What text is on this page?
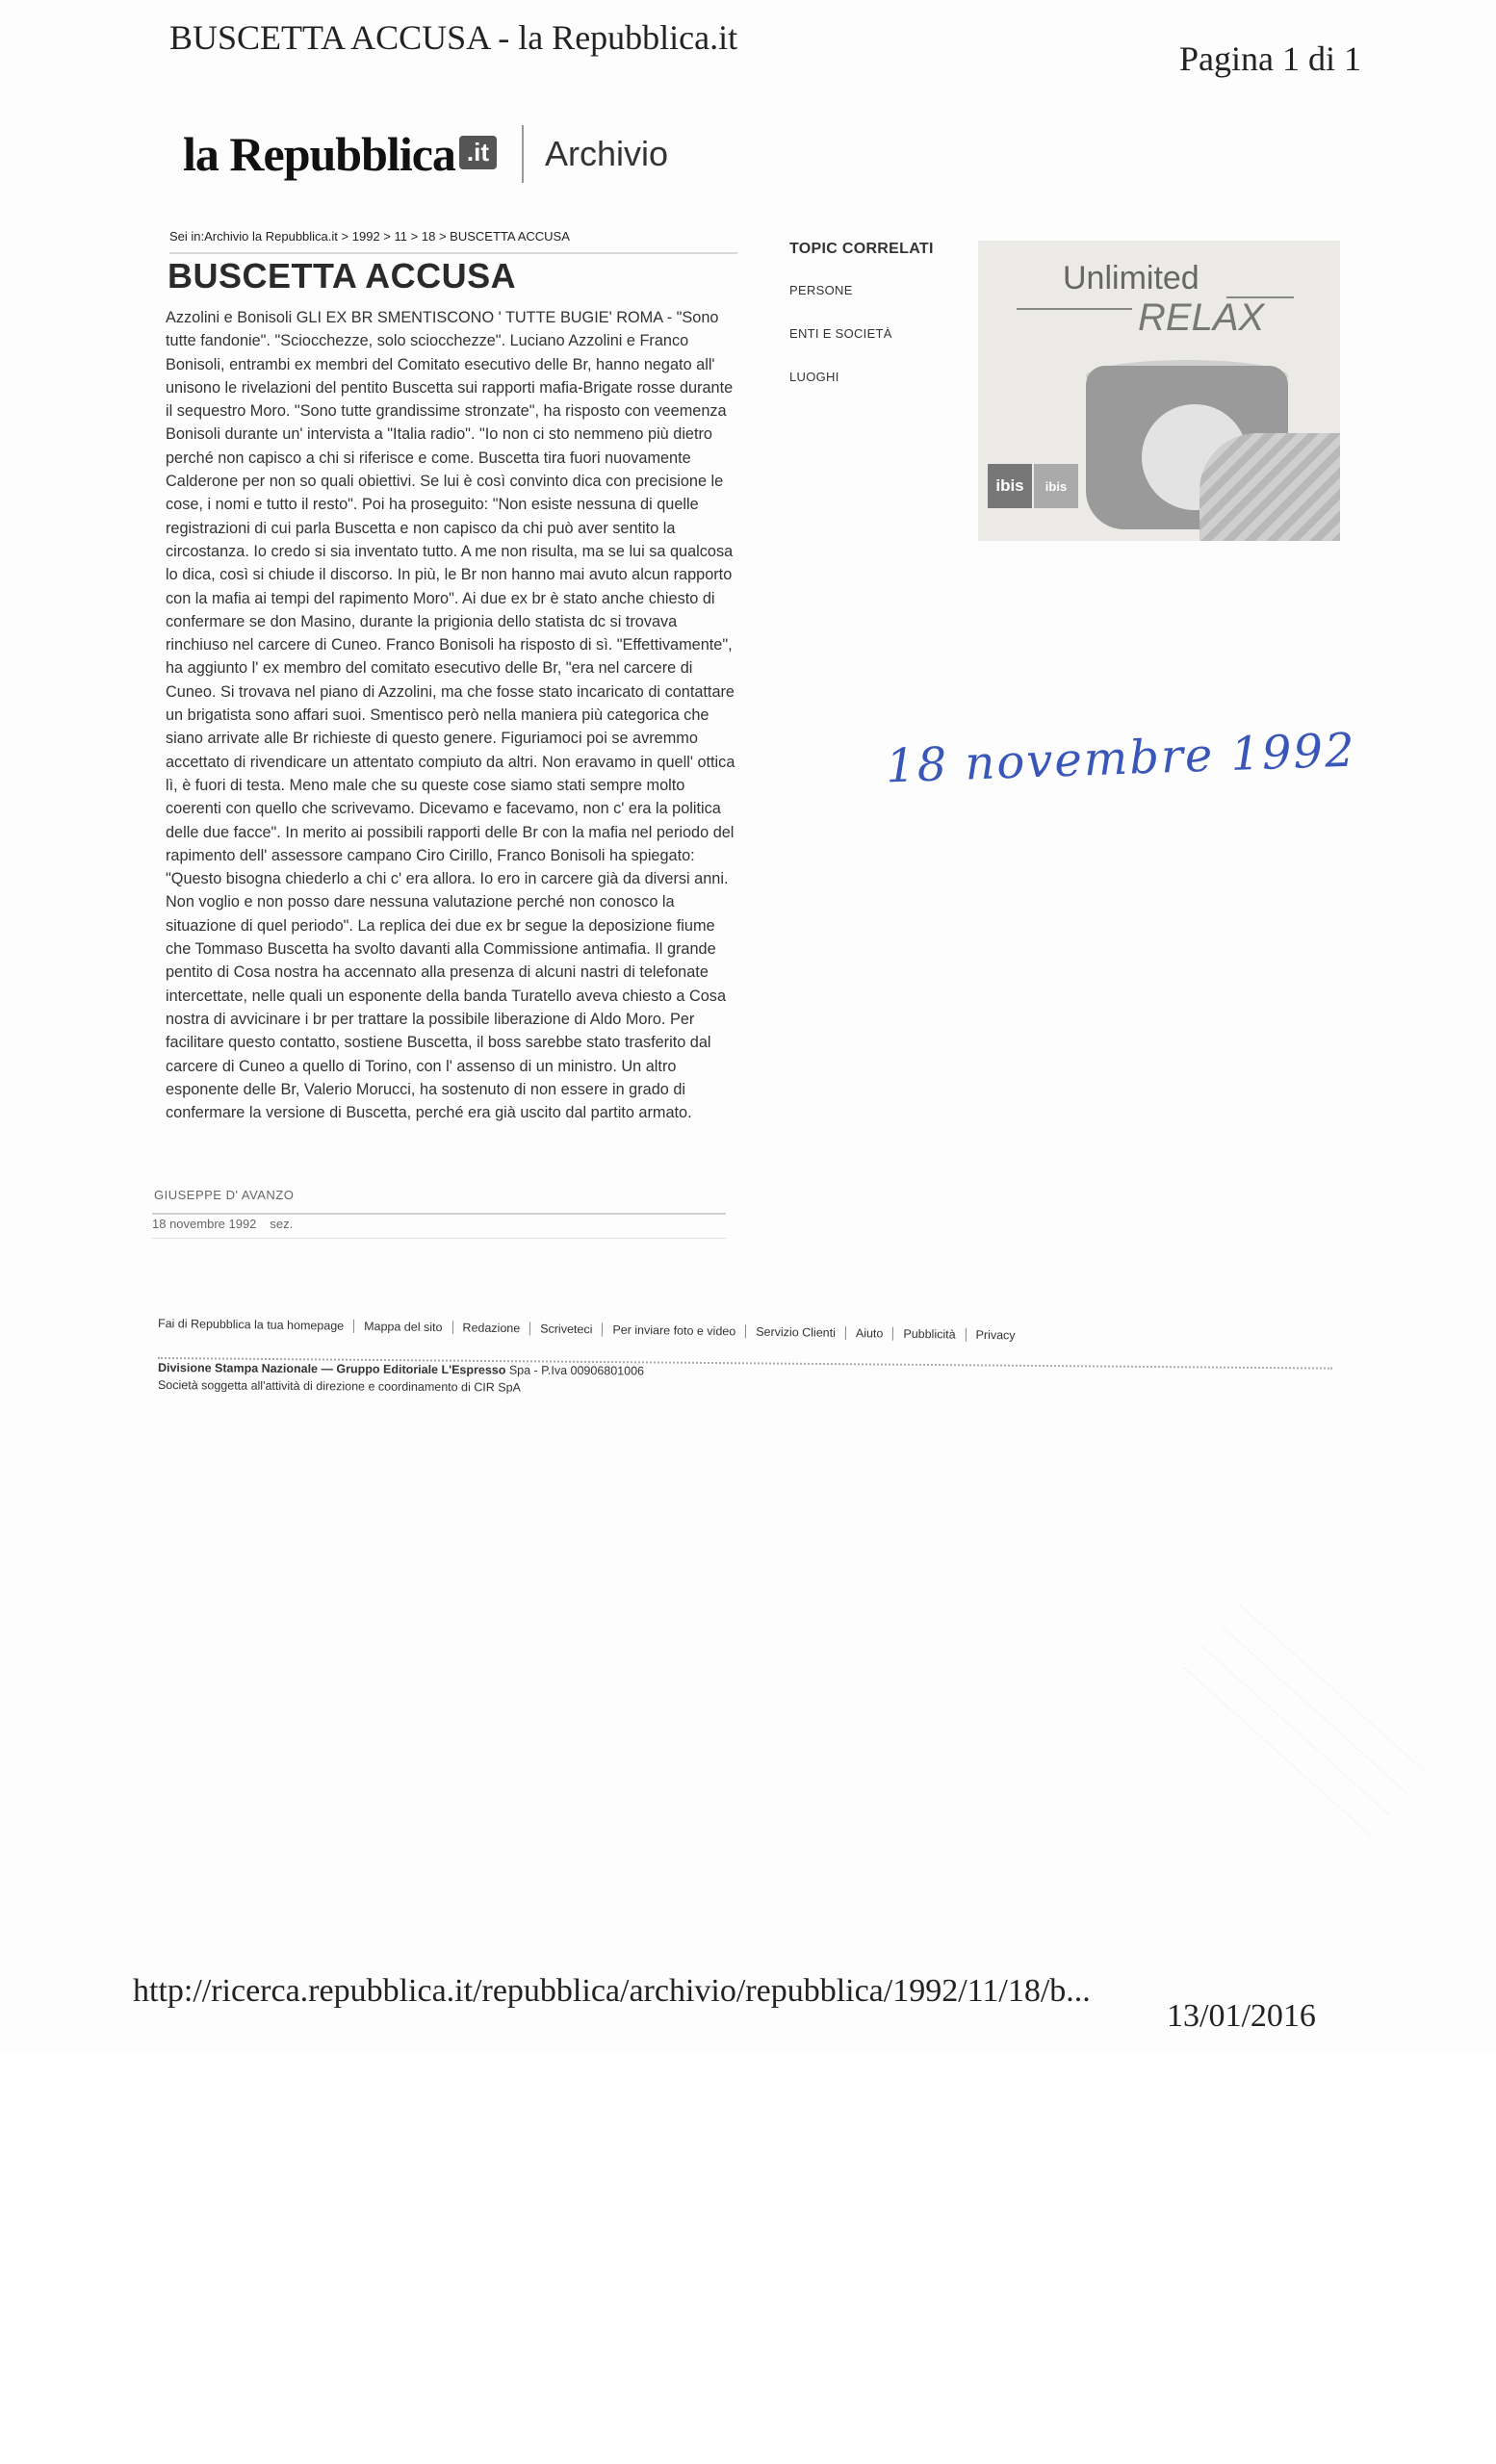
BUSCETTA ACCUSA - la Repubblica.it
Pagina 1 di 1
la Repubblica .it Archivio
Sei in:Archivio la Repubblica.it > 1992 > 11 > 18 > BUSCETTA ACCUSA
BUSCETTA ACCUSA
Azzolini e Bonisoli GLI EX BR SMENTISCONO ' TUTTE BUGIE' ROMA - "Sono tutte fandonie". "Sciocchezze, solo sciocchezze". Luciano Azzolini e Franco Bonisoli, entrambi ex membri del Comitato esecutivo delle Br, hanno negato all' unisono le rivelazioni del pentito Buscetta sui rapporti mafia-Brigate rosse durante il sequestro Moro. "Sono tutte grandissime stronzate", ha risposto con veemenza Bonisoli durante un' intervista a "Italia radio". "Io non ci sto nemmeno più dietro perché non capisco a chi si riferisce e come. Buscetta tira fuori nuovamente Calderone per non so quali obiettivi. Se lui è così convinto dica con precisione le cose, i nomi e tutto il resto". Poi ha proseguito: "Non esiste nessuna di quelle registrazioni di cui parla Buscetta e non capisco da chi può aver sentito la circostanza. Io credo si sia inventato tutto. A me non risulta, ma se lui sa qualcosa lo dica, così si chiude il discorso. In più, le Br non hanno mai avuto alcun rapporto con la mafia ai tempi del rapimento Moro". Ai due ex br è stato anche chiesto di confermare se don Masino, durante la prigionia dello statista dc si trovava rinchiuso nel carcere di Cuneo. Franco Bonisoli ha risposto di sì. "Effettivamente", ha aggiunto l' ex membro del comitato esecutivo delle Br, "era nel carcere di Cuneo. Si trovava nel piano di Azzolini, ma che fosse stato incaricato di contattare un brigatista sono affari suoi. Smentisco però nella maniera più categorica che siano arrivate alle Br richieste di questo genere. Figuriamoci poi se avremmo accettato di rivendicare un attentato compiuto da altri. Non eravamo in quell' ottica lì, è fuori di testa. Meno male che su queste cose siamo stati sempre molto coerenti con quello che scrivevamo. Dicevamo e facevamo, non c' era la politica delle due facce". In merito ai possibili rapporti delle Br con la mafia nel periodo del rapimento dell' assessore campano Ciro Cirillo, Franco Bonisoli ha spiegato: "Questo bisogna chiederlo a chi c' era allora. Io ero in carcere già da diversi anni. Non voglio e non posso dare nessuna valutazione perché non conosco la situazione di quel periodo". La replica dei due ex br segue la deposizione fiume che Tommaso Buscetta ha svolto davanti alla Commissione antimafia. Il grande pentito di Cosa nostra ha accennato alla presenza di alcuni nastri di telefonate intercettate, nelle quali un esponente della banda Turatello aveva chiesto a Cosa nostra di avvicinare i br per trattare la possibile liberazione di Aldo Moro. Per facilitare questo contatto, sostiene Buscetta, il boss sarebbe stato trasferito dal carcere di Cuneo a quello di Torino, con l' assenso di un ministro. Un altro esponente delle Br, Valerio Morucci, ha sostenuto di non essere in grado di confermare la versione di Buscetta, perché era già uscito dal partito armato.
GIUSEPPE D' AVANZO
18 novembre 1992 sez.
TOPIC CORRELATI
PERSONE
ENTI E SOCIETÀ
LUOGHI
Unlimited
RELAX
ibis	ibis
18 novembre 1992
Fai di Repubblica la tua homepage	Mappa del sito	Redazione	Scriveteci	Per inviare foto e video	Servizio Clienti	Aiuto	Pubblicità	Privacy
Divisione Stampa Nazionale — Gruppo Editoriale L'Espresso Spa - P.Iva 00906801006
Società soggetta all'attività di direzione e coordinamento di CIR SpA

http://ricerca.repubblica.it/repubblica/archivio/repubblica/1992/11/18/b...
13/01/2016
